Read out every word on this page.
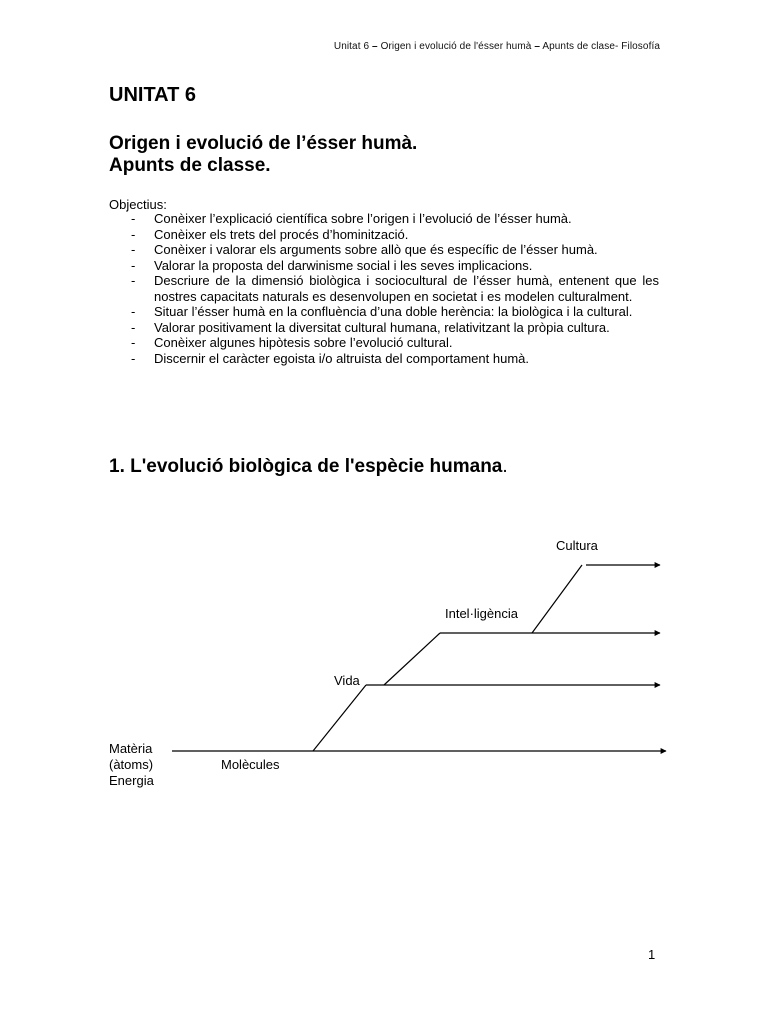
Unitat 6 – Origen i evolució de l'ésser humà – Apunts de clase- Filosofía
UNITAT 6
Origen i evolució de l’ésser humà.
Apunts de classe.
Objectius:
- Conèixer l’explicació científica sobre l’origen i l’evolució de l’ésser humà.
- Conèixer els trets del procés d’hominització.
- Conèixer i valorar els arguments sobre allò que és específic de l’ésser humà.
- Valorar la proposta del darwinisme social i les seves implicacions.
- Descriure de la dimensió biològica i sociocultural de l’ésser humà, entenent que les nostres capacitats naturals es desenvolupen en societat i es modelen culturalment.
- Situar l’ésser humà en la confluència d’una doble herència: la biològica i la cultural.
- Valorar positivament la diversitat cultural humana, relativitzant la pròpia cultura.
- Conèixer algunes hipòtesis sobre l’evolució cultural.
- Discernir el caràcter egoista i/o altruista del comportament humà.
1. L'evolució biològica de l'espècie humana.
Matèria
(àtoms)
Energia
Molècules
Vida
Intel·ligència
Cultura
1
